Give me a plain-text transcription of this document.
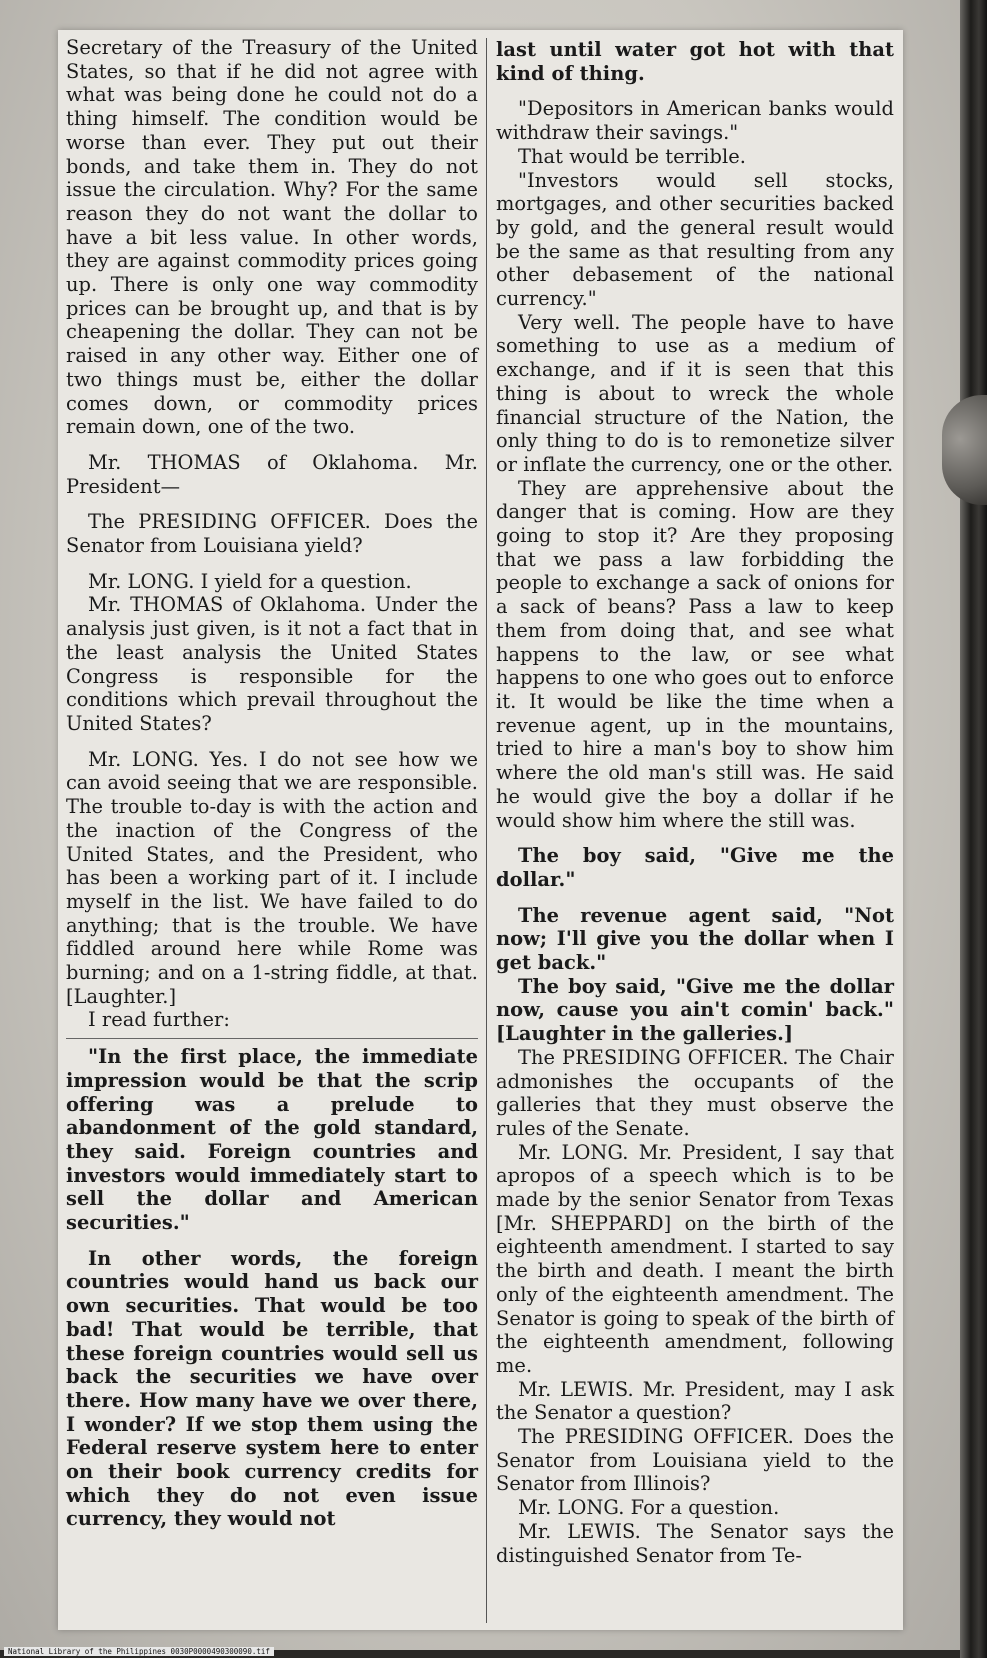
Secretary of the Treasury of the United States, so that if he did not agree with what was being done he could not do a thing himself. The condition would be worse than ever. They put out their bonds, and take them in. They do not issue the circulation. Why? For the same reason they do not want the dollar to have a bit less value. In other words, they are against commodity prices going up. There is only one way commodity prices can be brought up, and that is by cheapening the dollar. They can not be raised in any other way. Either one of two things must be, either the dollar comes down, or commodity prices remain down, one of the two.

Mr. THOMAS of Oklahoma. Mr. President—

The PRESIDING OFFICER. Does the Senator from Louisiana yield?

Mr. LONG. I yield for a question.

Mr. THOMAS of Oklahoma. Under the analysis just given, is it not a fact that in the least analysis the United States Congress is responsible for the conditions which prevail throughout the United States?

Mr. LONG. Yes. I do not see how we can avoid seeing that we are responsible. The trouble to-day is with the action and the inaction of the Congress of the United States, and the President, who has been a working part of it. I include myself in the list. We have failed to do anything; that is the trouble. We have fiddled around here while Rome was burning; and on a 1-string fiddle, at that. [Laughter.]

I read further:

"In the first place, the immediate impression would be that the scrip offering was a prelude to abandonment of the gold standard, they said. Foreign countries and investors would immediately start to sell the dollar and American securities."

In other words, the foreign countries would hand us back our own securities. That would be too bad! That would be terrible, that these foreign countries would sell us back the securities we have over there. How many have we over there, I wonder? If we stop them using the Federal reserve system here to enter on their book currency credits for which they do not even issue currency, they would not

last until water got hot with that kind of thing.

"Depositors in American banks would withdraw their savings."

That would be terrible.

"Investors would sell stocks, mortgages, and other securities backed by gold, and the general result would be the same as that resulting from any other debasement of the national currency."

Very well. The people have to have something to use as a medium of exchange, and if it is seen that this thing is about to wreck the whole financial structure of the Nation, the only thing to do is to remonetize silver or inflate the currency, one or the other.

They are apprehensive about the danger that is coming. How are they going to stop it? Are they proposing that we pass a law forbidding the people to exchange a sack of onions for a sack of beans? Pass a law to keep them from doing that, and see what happens to the law, or see what happens to one who goes out to enforce it. It would be like the time when a revenue agent, up in the mountains, tried to hire a man's boy to show him where the old man's still was. He said he would give the boy a dollar if he would show him where the still was.

The boy said, "Give me the dollar."

The revenue agent said, "Not now; I'll give you the dollar when I get back."

The boy said, "Give me the dollar now, cause you ain't comin' back." [Laughter in the galleries.]

The PRESIDING OFFICER. The Chair admonishes the occupants of the galleries that they must observe the rules of the Senate.

Mr. LONG. Mr. President, I say that apropos of a speech which is to be made by the senior Senator from Texas [Mr. SHEPPARD] on the birth of the eighteenth amendment. I started to say the birth and death. I meant the birth only of the eighteenth amendment. The Senator is going to speak of the birth of the eighteenth amendment, following me.

Mr. LEWIS. Mr. President, may I ask the Senator a question?

The PRESIDING OFFICER. Does the Senator from Louisiana yield to the Senator from Illinois?

Mr. LONG. For a question.

Mr. LEWIS. The Senator says the distinguished Senator from Te-

National Library of the Philippines 0030P0000490300090.tif
